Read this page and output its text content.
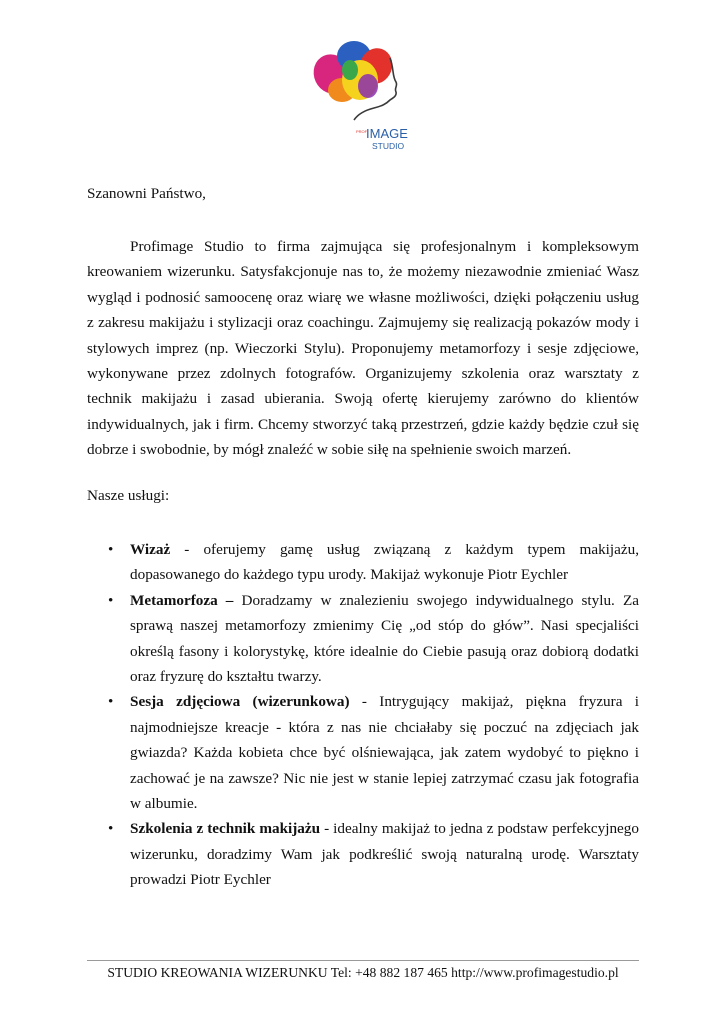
PROF
IMAGE
STUDIO

Szanowni Państwo,

Profimage Studio to firma zajmująca się profesjonalnym i kompleksowym kreowaniem wizerunku. Satysfakcjonuje nas to, że możemy niezawodnie zmieniać Wasz wygląd i podnosić samoocenę oraz wiarę we własne możliwości, dzięki połączeniu usług z zakresu makijażu i stylizacji oraz coachingu. Zajmujemy się realizacją pokazów mody i stylowych imprez (np. Wieczorki Stylu). Proponujemy metamorfozy i sesje zdjęciowe, wykonywane przez zdolnych fotografów. Organizujemy szkolenia oraz warsztaty z technik makijażu i zasad ubierania. Swoją ofertę kierujemy zarówno do klientów indywidualnych, jak i firm. Chcemy stworzyć taką przestrzeń, gdzie każdy będzie czuł się dobrze i swobodnie, by mógł znaleźć w sobie siłę na spełnienie swoich marzeń.

Nasze usługi:

• Wizaż - oferujemy gamę usług związaną z każdym typem makijażu, dopasowanego do każdego typu urody. Makijaż wykonuje Piotr Eychler
• Metamorfoza – Doradzamy w znalezieniu swojego indywidualnego stylu. Za sprawą naszej metamorfozy zmienimy Cię „od stóp do głów”. Nasi specjaliści określą fasony i kolorystykę, które idealnie do Ciebie pasują oraz dobiorą dodatki oraz fryzurę do kształtu twarzy.
• Sesja zdjęciowa (wizerunkowa) - Intrygujący makijaż, piękna fryzura i najmodniejsze kreacje - która z nas nie chciałaby się poczuć na zdjęciach jak gwiazda? Każda kobieta chce być olśniewająca, jak zatem wydobyć to piękno i zachować je na zawsze? Nic nie jest w stanie lepiej zatrzymać czasu jak fotografia w albumie.
• Szkolenia z technik makijażu - idealny makijaż to jedna z podstaw perfekcyjnego wizerunku, doradzimy Wam jak podkreślić swoją naturalną urodę. Warsztaty prowadzi Piotr Eychler

STUDIO KREOWANIA WIZERUNKU Tel: +48 882 187 465 http://www.profimagestudio.pl
